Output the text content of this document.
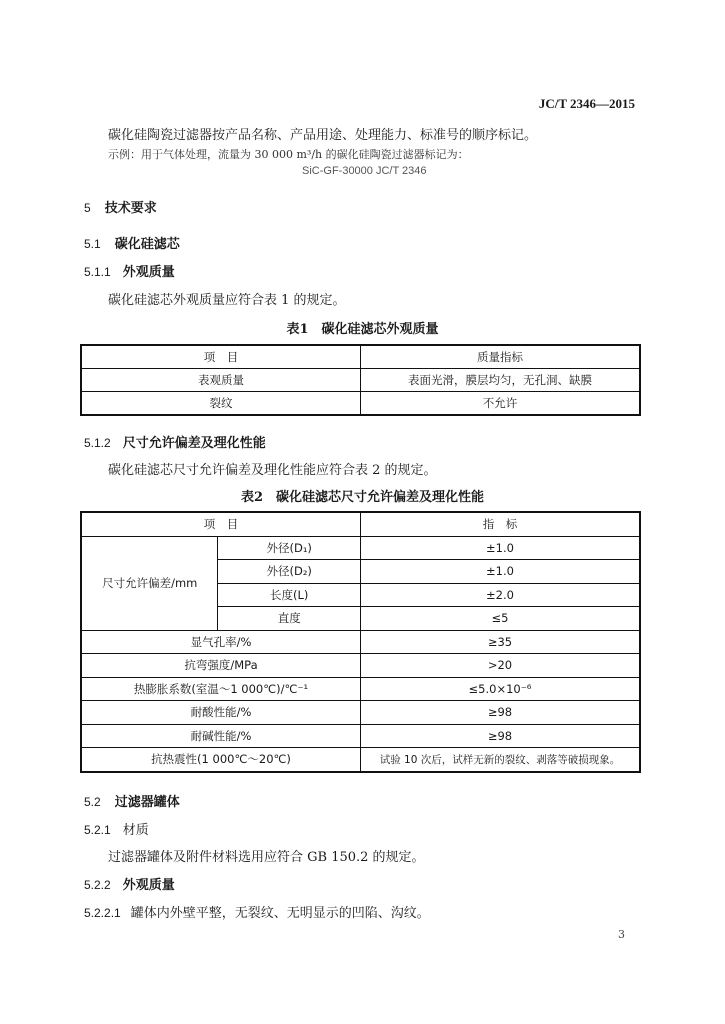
JC/T 2346—2015
碳化硅陶瓷过滤器按产品名称、产品用途、处理能力、标准号的顺序标记。
示例：用于气体处理，流量为 30 000 m³/h 的碳化硅陶瓷过滤器标记为：
SiC-GF-30000 JC/T 2346
5 技术要求
5.1 碳化硅滤芯
5.1.1 外观质量
碳化硅滤芯外观质量应符合表 1 的规定。
表1　碳化硅滤芯外观质量
项　目	质量指标
表观质量	表面光滑，膜层均匀，无孔洞、缺膜
裂纹	不允许
5.1.2 尺寸允许偏差及理化性能
碳化硅滤芯尺寸允许偏差及理化性能应符合表 2 的规定。
表2　碳化硅滤芯尺寸允许偏差及理化性能
项　目		指　标
尺寸允许偏差/mm	外径(D₁)	±1.0
	外径(D₂)	±1.0
	长度(L)	±2.0
	直度	≤5
显气孔率/%		≥35
抗弯强度/MPa		>20
热膨胀系数(室温～1 000℃)/℃⁻¹		≤5.0×10⁻⁶
耐酸性能/%		≥98
耐碱性能/%		≥98
抗热震性(1 000℃～20℃)		试验 10 次后，试样无新的裂纹、剥落等破损现象。
5.2 过滤器罐体
5.2.1 材质
过滤器罐体及附件材料选用应符合 GB 150.2 的规定。
5.2.2 外观质量
5.2.2.1 罐体内外壁平整，无裂纹、无明显示的凹陷、沟纹。
3
